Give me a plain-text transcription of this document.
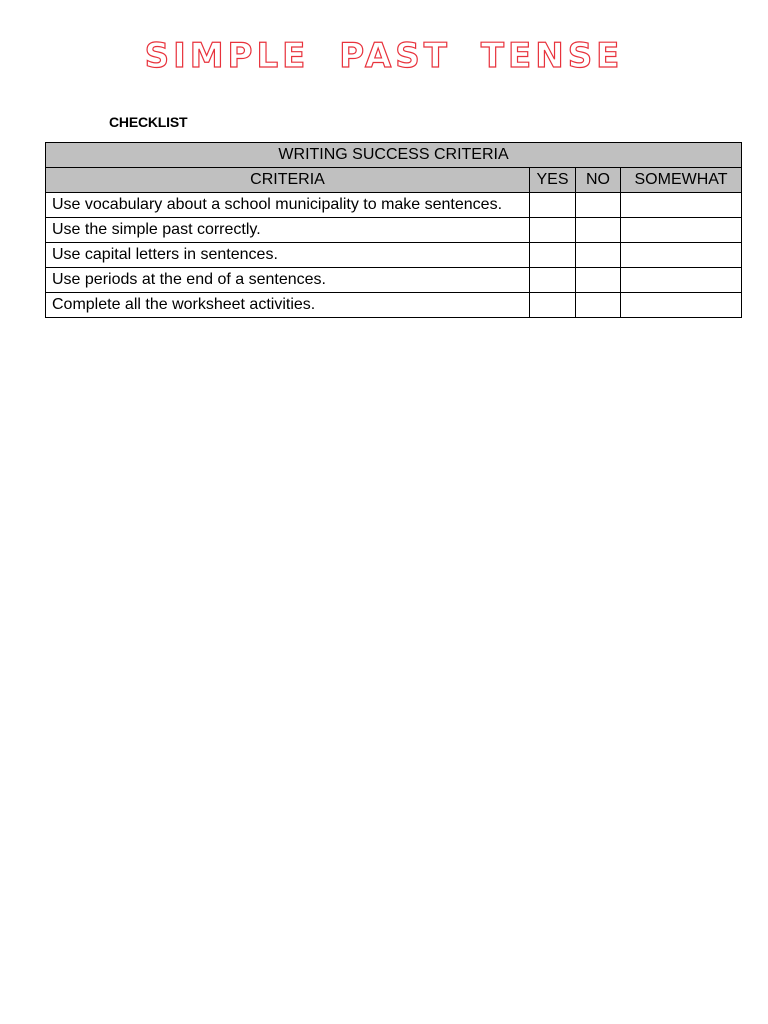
SIMPLE PAST TENSE

CHECKLIST

WRITING SUCCESS CRITERIA			
CRITERIA	YES	NO	SOMEWHAT
Use vocabulary about a school municipality to make sentences.			
Use the simple past correctly.			
Use capital letters in sentences.			
Use periods at the end of a sentences.			
Complete all the worksheet activities.			
